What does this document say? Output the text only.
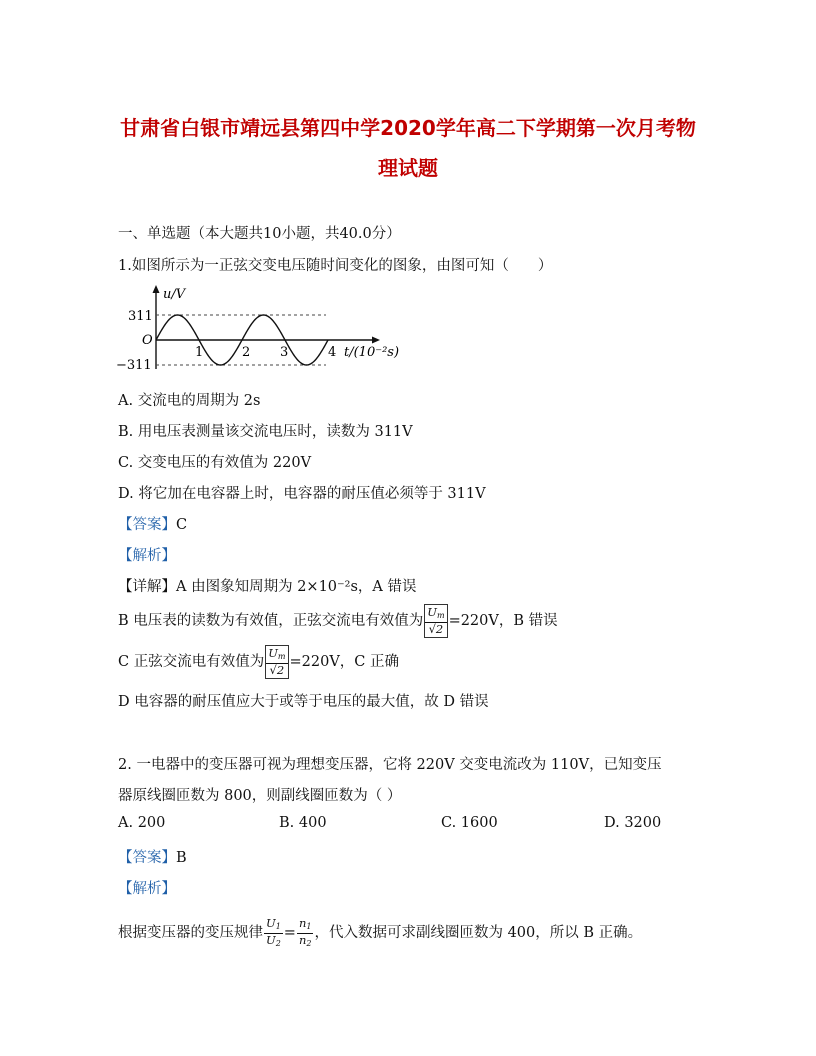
甘肃省白银市靖远县第四中学2020学年高二下学期第一次月考物
理试题
一、单选题（本大题共10小题，共40.0分）
1.如图所示为一正弦交变电压随时间变化的图象，由图可知（　　）
u/V
311
O
−311
1	2 3	4 t/(10⁻²s)
A. 交流电的周期为 2s
B. 用电压表测量该交流电压时，读数为 311V
C. 交变电压的有效值为 220V
D. 将它加在电容器上时，电容器的耐压值必须等于 311V
【答案】C
【解析】
【详解】A 由图象知周期为 2×10⁻²s，A 错误
B 电压表的读数为有效值，正弦交流电有效值为 $\frac{U_m}{√2} =220V$，B 错误
C 正弦交流电有效值为 $\frac{U_m}{√2} =220V$，C 正确
D 电容器的耐压值应大于或等于电压的最大值，故 D 错误
2. 一电器中的变压器可视为理想变压器，它将 220V 交变电流改为 110V，已知变压
器原线圈匝数为 800，则副线圈匝数为（ ）
A. 200	B. 400	C. 1600	D. 3200
【答案】B
【解析】
根据变压器的变压规律 $\frac{U_1}{U_2} = \frac{n_1}{n_2}$ ，代入数据可求副线圈匝数为 400，所以 B 正确。
